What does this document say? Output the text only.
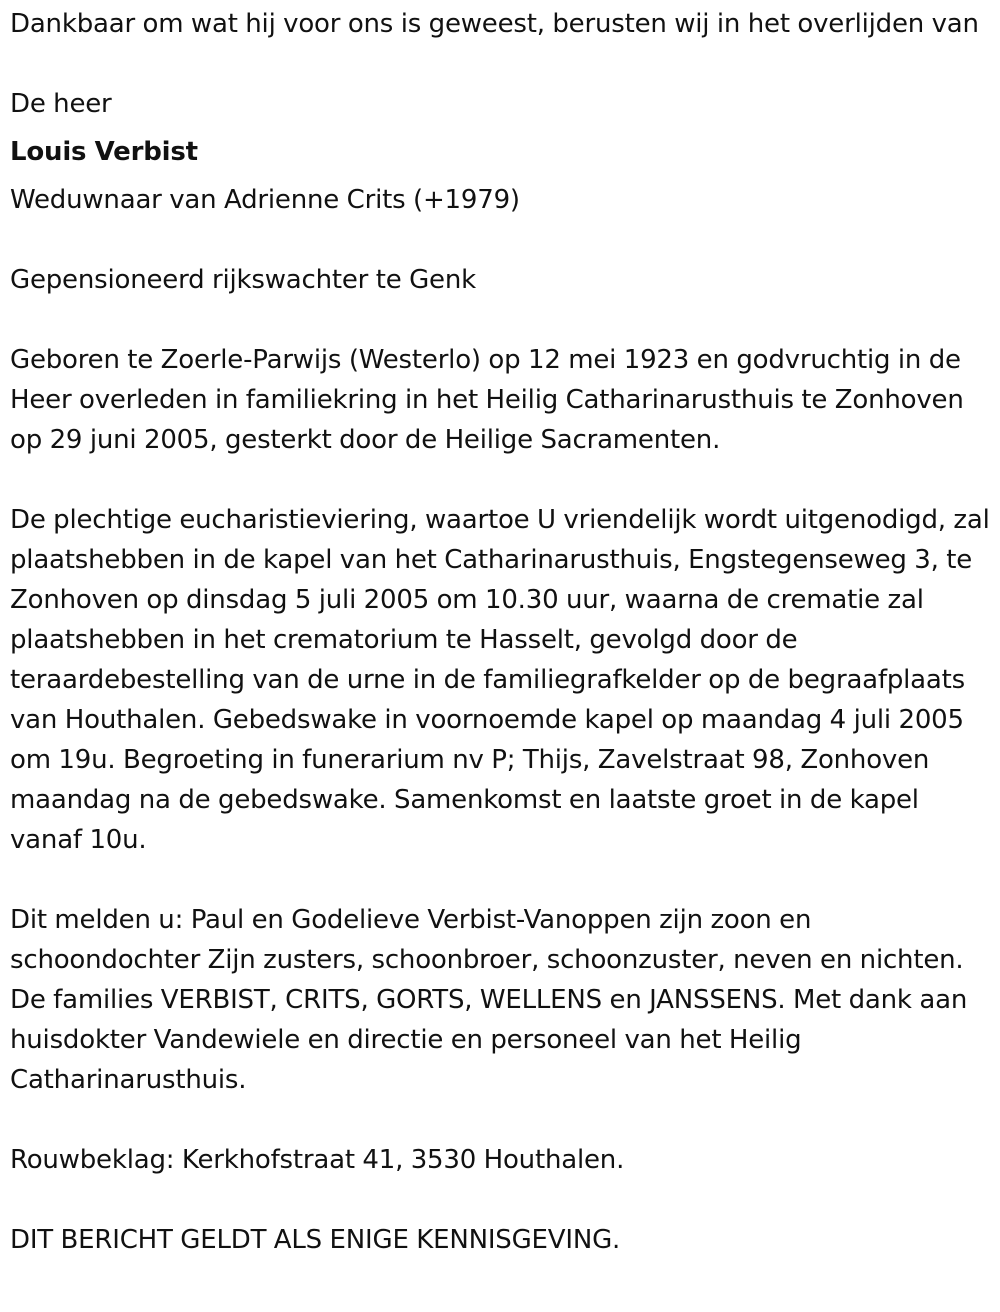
Dankbaar om wat hij voor ons is geweest, berusten wij in het overlijden van

De heer

Louis Verbist

Weduwnaar van Adrienne Crits (+1979)

Gepensioneerd rijkswachter te Genk

Geboren te Zoerle-Parwijs (Westerlo) op 12 mei 1923 en godvruchtig in de Heer overleden in familiekring in het Heilig Catharinarusthuis te Zonhoven op 29 juni 2005, gesterkt door de Heilige Sacramenten.

De plechtige eucharistieviering, waartoe U vriendelijk wordt uitgenodigd, zal plaatshebben in de kapel van het Catharinarusthuis, Engstegenseweg 3, te Zonhoven op dinsdag 5 juli 2005 om 10.30 uur, waarna de crematie zal plaatshebben in het crematorium te Hasselt, gevolgd door de teraardebestelling van de urne in de familiegrafkelder op de begraafplaats van Houthalen. Gebedswake in voornoemde kapel op maandag 4 juli 2005 om 19u. Begroeting in funerarium nv P; Thijs, Zavelstraat 98, Zonhoven maandag na de gebedswake. Samenkomst en laatste groet in de kapel vanaf 10u.

Dit melden u: Paul en Godelieve Verbist-Vanoppen zijn zoon en schoondochter Zijn zusters, schoonbroer, schoonzuster, neven en nichten. De families VERBIST, CRITS, GORTS, WELLENS en JANSSENS. Met dank aan huisdokter Vandewiele en directie en personeel van het Heilig Catharinarusthuis.

Rouwbeklag: Kerkhofstraat 41, 3530 Houthalen.

DIT BERICHT GELDT ALS ENIGE KENNISGEVING.
